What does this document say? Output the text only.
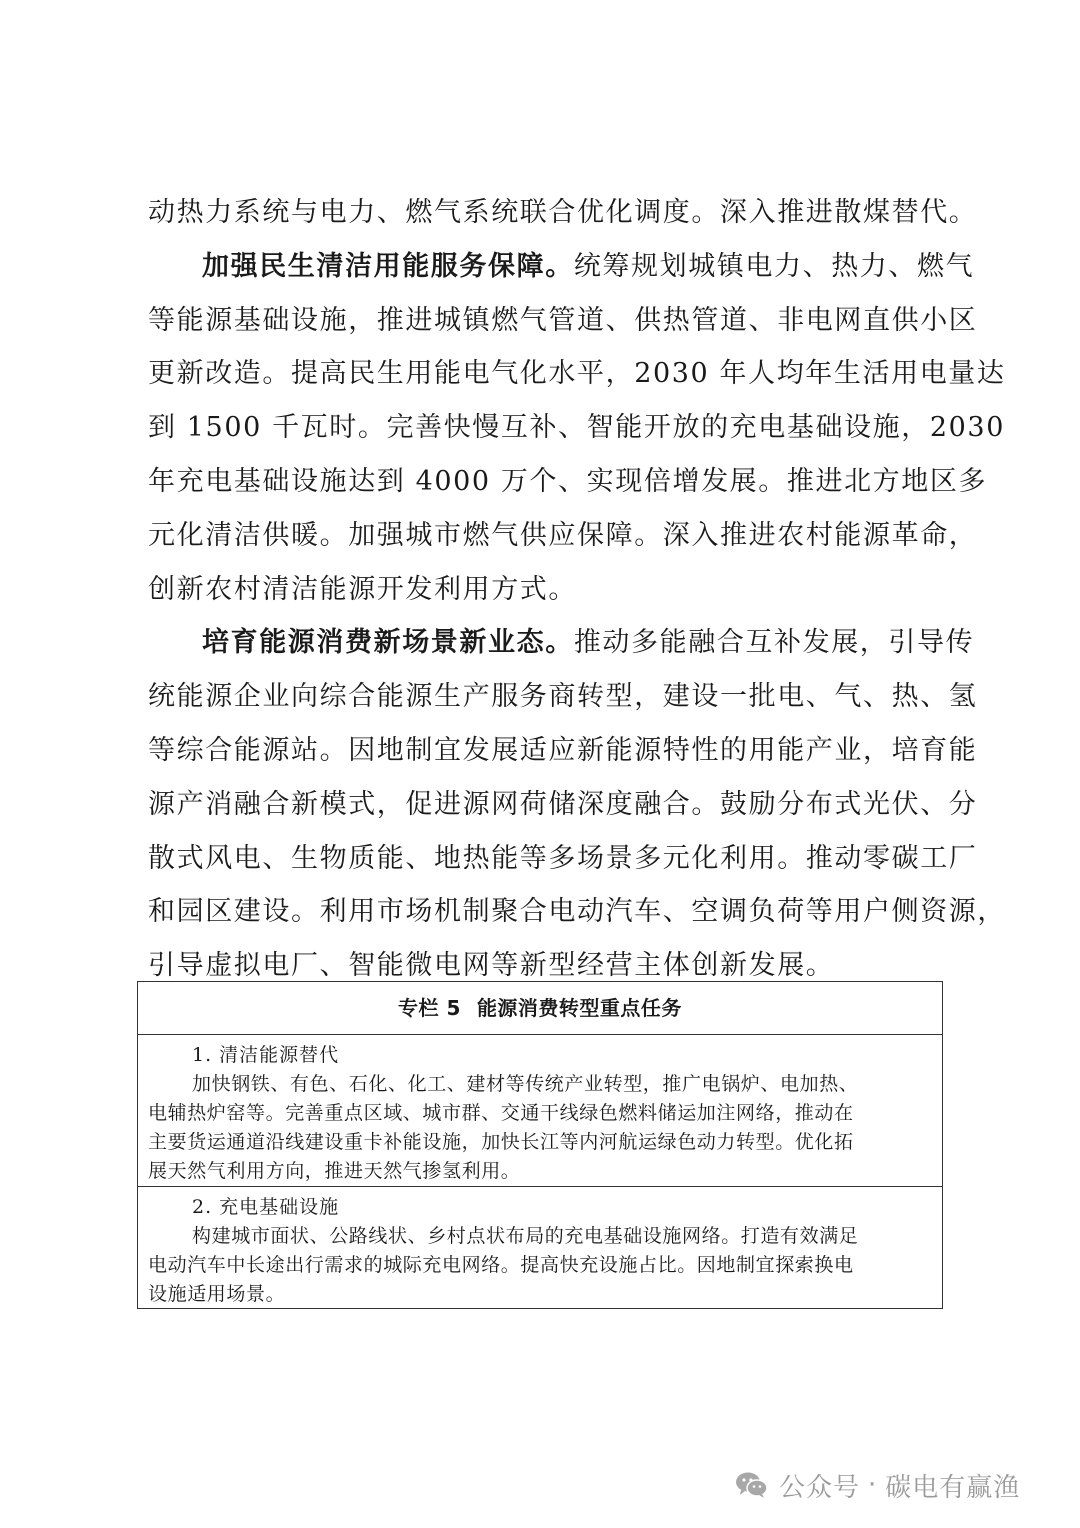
动热力系统与电力、燃气系统联合优化调度。深入推进散煤替代。
加强民生清洁用能服务保障。统筹规划城镇电力、热力、燃气
等能源基础设施，推进城镇燃气管道、供热管道、非电网直供小区
更新改造。提高民生用能电气化水平，2030 年人均年生活用电量达
到 1500 千瓦时。完善快慢互补、智能开放的充电基础设施，2030
年充电基础设施达到 4000 万个、实现倍增发展。推进北方地区多
元化清洁供暖。加强城市燃气供应保障。深入推进农村能源革命，
创新农村清洁能源开发利用方式。
培育能源消费新场景新业态。推动多能融合互补发展，引导传
统能源企业向综合能源生产服务商转型，建设一批电、气、热、氢
等综合能源站。因地制宜发展适应新能源特性的用能产业，培育能
源产消融合新模式，促进源网荷储深度融合。鼓励分布式光伏、分
散式风电、生物质能、地热能等多场景多元化利用。推动零碳工厂
和园区建设。利用市场机制聚合电动汽车、空调负荷等用户侧资源，
引导虚拟电厂、智能微电网等新型经营主体创新发展。
专栏 5 能源消费转型重点任务
1. 清洁能源替代
加快钢铁、有色、石化、化工、建材等传统产业转型，推广电锅炉、电加热、
电辅热炉窑等。完善重点区域、城市群、交通干线绿色燃料储运加注网络，推动在
主要货运通道沿线建设重卡补能设施，加快长江等内河航运绿色动力转型。优化拓
展天然气利用方向，推进天然气掺氢利用。
2. 充电基础设施
构建城市面状、公路线状、乡村点状布局的充电基础设施网络。打造有效满足
电动汽车中长途出行需求的城际充电网络。提高快充设施占比。因地制宜探索换电
设施适用场景。
公众号 · 碳电有赢渔
